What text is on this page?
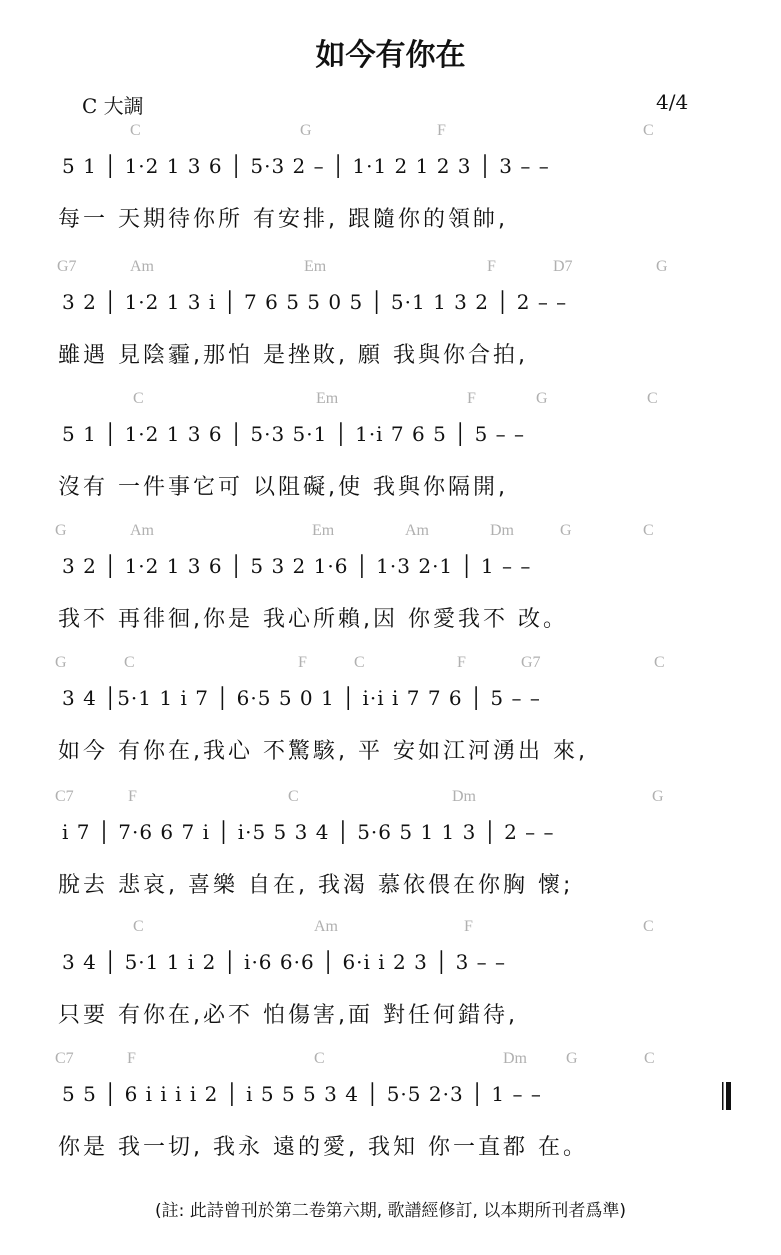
如今有你在
C 大調	4/4
C	G	F	C
5 1 │ 1·2 1 3 6 │ 5·3 2 – │ 1·1 2 1 2 3 │ 3 – –
每一 天期待你所 有安排, 跟隨你的領帥,
G7	Am	Em	F	D7	G
3 2 │ 1·2 1 3 i │ 7 6 5 5 0 5 │ 5·1 1 3 2 │ 2 – –
雖遇 見陰霾,那怕 是挫敗, 願 我與你合拍,
C	Em	F	G	C
5 1 │ 1·2 1 3 6 │ 5·3 5·1 │ 1·i 7 6 5 │ 5 – –
沒有 一件事它可 以阻礙,使 我與你隔開,
G	Am	Em	Am	Dm	G	C
3 2 │ 1·2 1 3 6 │ 5 3 2 1·6 │ 1·3 2·1 │ 1 – –
我不 再徘徊,你是 我心所賴,因 你愛我不 改。
G	C	F	C	F	G7	C
3 4 │5·1 1 i 7 │ 6·5 5 0 1 │ i·i i 7 7 6 │ 5 – –
如今 有你在,我心 不驚駭, 平 安如江河湧出 來,
C7	F	C	Dm	G
i 7 │ 7·6 6 7 i │ i·5 5 3 4 │ 5·6 5 1 1 3 │ 2 – –
脫去 悲哀, 喜樂 自在, 我渴 慕依偎在你胸 懷;
C	Am	F	C
3 4 │ 5·1 1 i 2 │ i·6 6·6 │ 6·i i 2 3 │ 3 – –
只要 有你在,必不 怕傷害,面 對任何錯待,
C7	F	C	Dm G	C
5 5 │ 6 i i i i 2 │ i 5 5 5 3 4 │ 5·5 2·3 │ 1 – –
你是 我一切, 我永 遠的愛, 我知 你一直都 在。
(註: 此詩曾刊於第二卷第六期, 歌譜經修訂, 以本期所刊者爲準)
